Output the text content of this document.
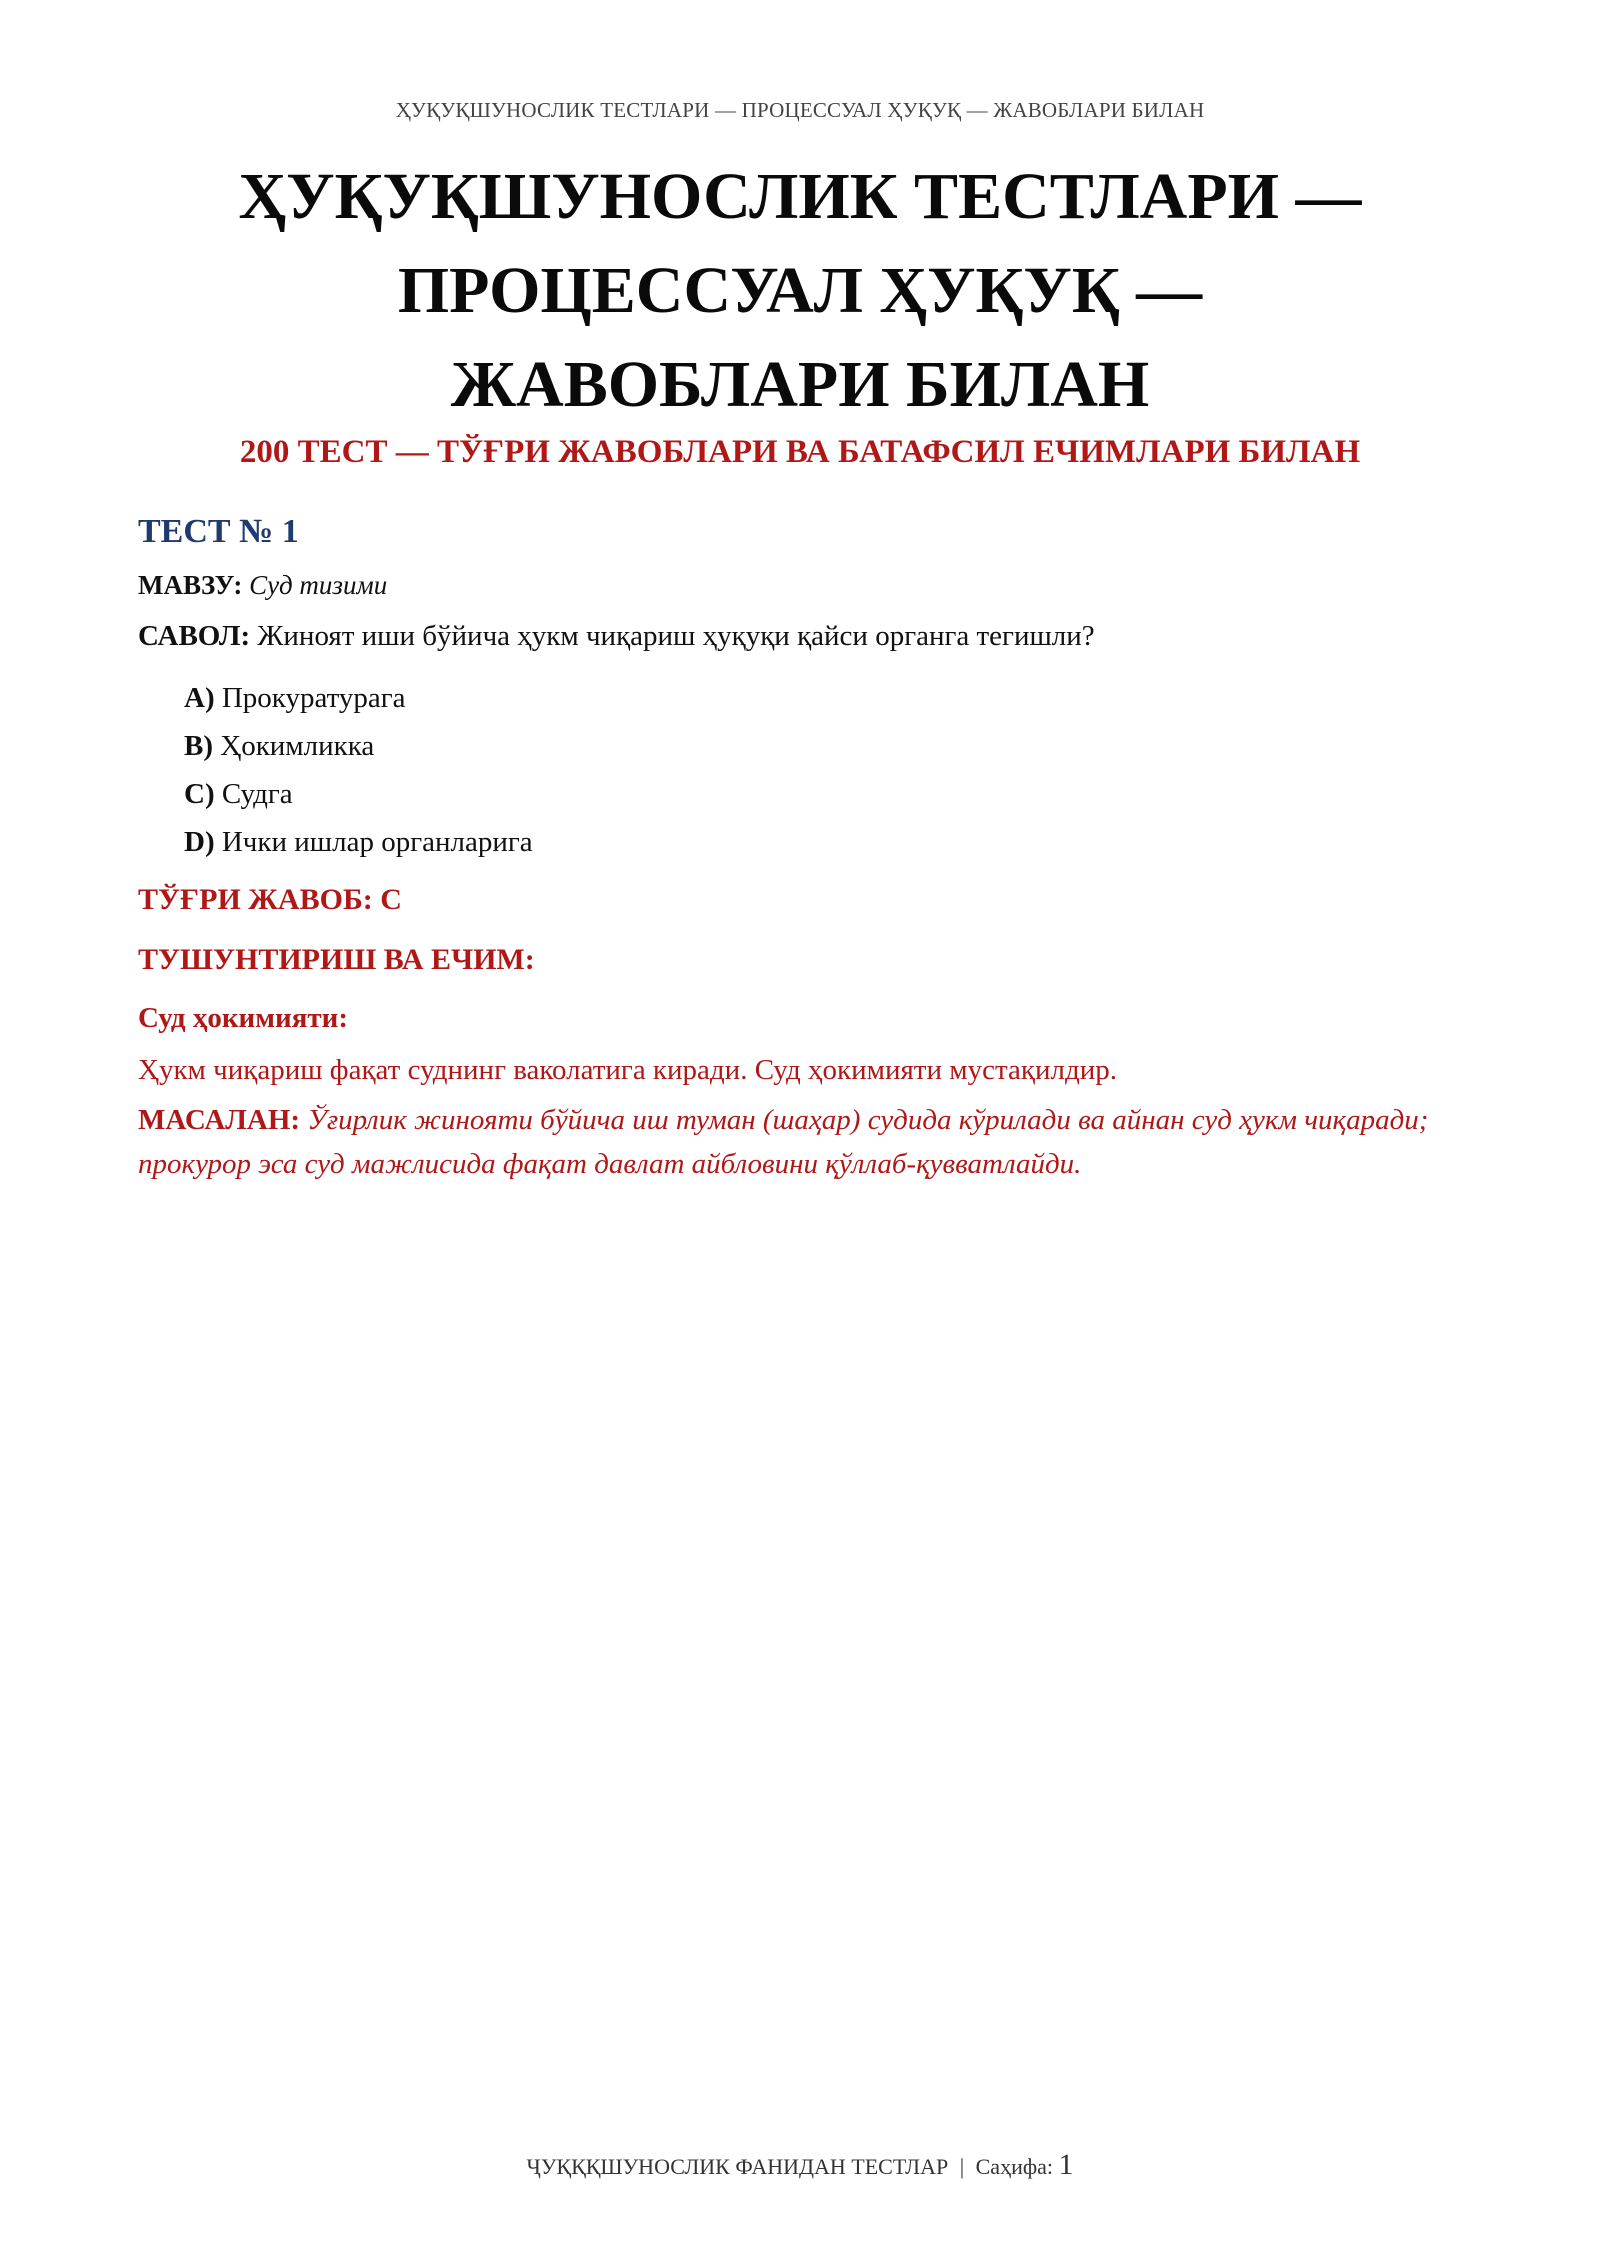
ҲУҚУҚШУНОСЛИК ТЕСТЛАРИ — ПРОЦЕССУАЛ ҲУҚУҚ — ЖАВОБЛАРИ БИЛАН
ҲУҚУҚШУНОСЛИК ТЕСТЛАРИ —
ПРОЦЕССУАЛ ҲУҚУҚ —
ЖАВОБЛАРИ БИЛАН
200 ТЕСТ — ТЎҒРИ ЖАВОБЛАРИ ВА БАТАФСИЛ ЕЧИМЛАРИ БИЛАН
ТЕСТ № 1
МАВЗУ: Суд тизими
САВОЛ: Жиноят иши бўйича ҳукм чиқариш ҳуқуқи қайси органга тегишли?
A) Прокуратурага
B) Ҳокимликка
C) Судга
D) Ички ишлар органларига
ТЎҒРИ ЖАВОБ: C
ТУШУНТИРИШ ВА ЕЧИМ:
Суд ҳокимияти:
Ҳукм чиқариш фақат суднинг ваколатига киради. Суд ҳокимияти мустақилдир.
МАСАЛАН: Ўғирлик жинояти бўйича иш туман (шаҳар) судида кўрилади ва айнан суд ҳукм чиқаради; прокурор эса суд мажлисида фақат давлат айбловини қўллаб-қувватлайди.
ҶУҚҚҚШУНОСЛИК ФАНИДАН ТЕСТЛАР | Саҳифа: 1
